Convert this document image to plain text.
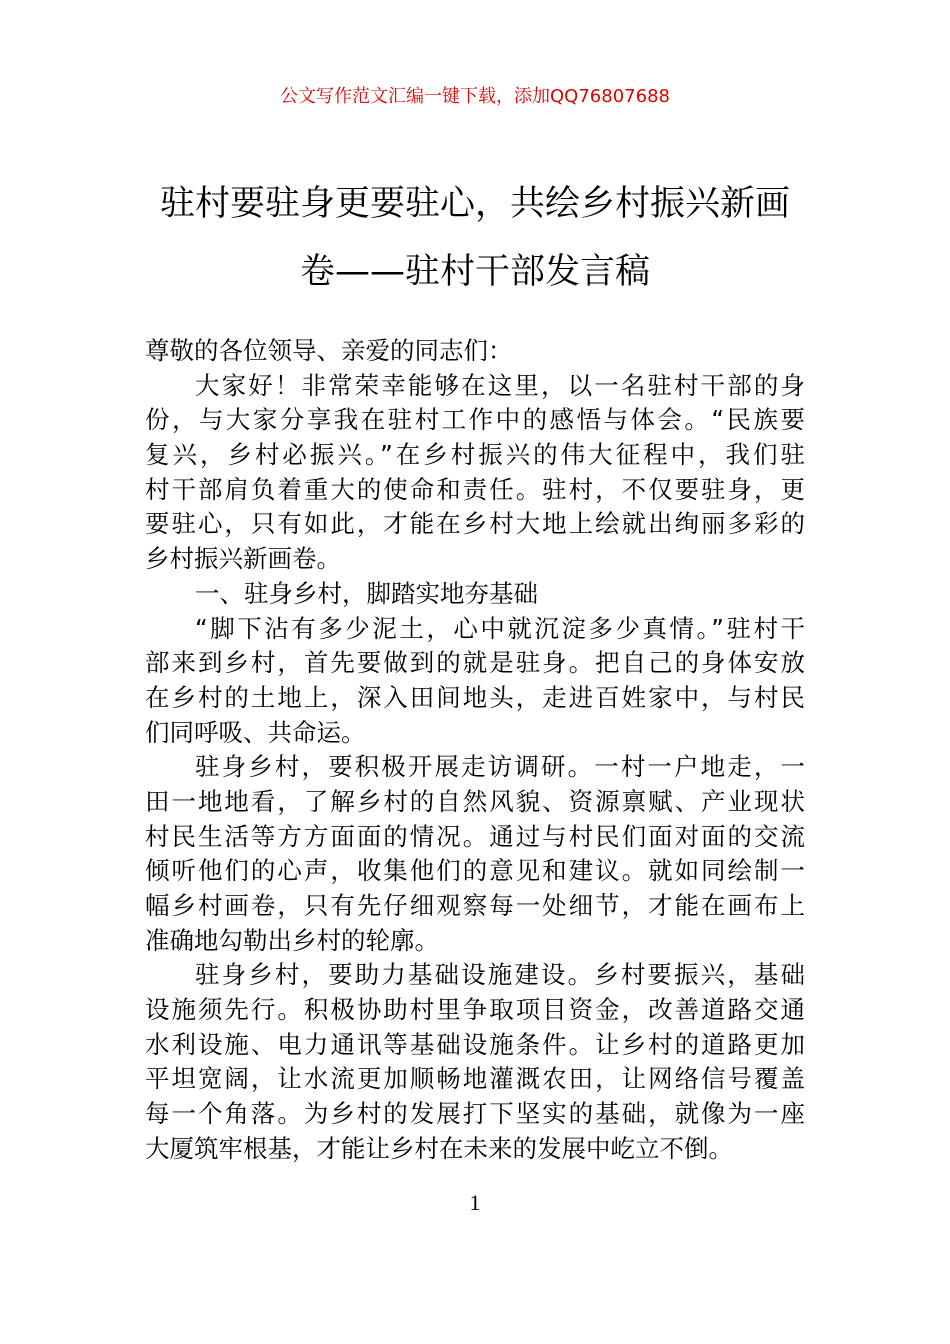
公文写作范文汇编一键下载，添加QQ76807688
驻村要驻身更要驻心，共绘乡村振兴新画
卷——驻村干部发言稿
尊敬的各位领导、亲爱的同志们：
大家好！非常荣幸能够在这里，以一名驻村干部的身
份，与大家分享我在驻村工作中的感悟与体会。“民族要
复兴，乡村必振兴。”在乡村振兴的伟大征程中，我们驻
村干部肩负着重大的使命和责任。驻村，不仅要驻身，更
要驻心，只有如此，才能在乡村大地上绘就出绚丽多彩的
乡村振兴新画卷。
一、驻身乡村，脚踏实地夯基础
“脚下沾有多少泥土，心中就沉淀多少真情。”驻村干
部来到乡村，首先要做到的就是驻身。把自己的身体安放
在乡村的土地上，深入田间地头，走进百姓家中，与村民
们同呼吸、共命运。
驻身乡村，要积极开展走访调研。一村一户地走，一
田一地地看，了解乡村的自然风貌、资源禀赋、产业现状
村民生活等方方面面的情况。通过与村民们面对面的交流
倾听他们的心声，收集他们的意见和建议。就如同绘制一
幅乡村画卷，只有先仔细观察每一处细节，才能在画布上
准确地勾勒出乡村的轮廓。
驻身乡村，要助力基础设施建设。乡村要振兴，基础
设施须先行。积极协助村里争取项目资金，改善道路交通
水利设施、电力通讯等基础设施条件。让乡村的道路更加
平坦宽阔，让水流更加顺畅地灌溉农田，让网络信号覆盖
每一个角落。为乡村的发展打下坚实的基础，就像为一座
大厦筑牢根基，才能让乡村在未来的发展中屹立不倒。
1
